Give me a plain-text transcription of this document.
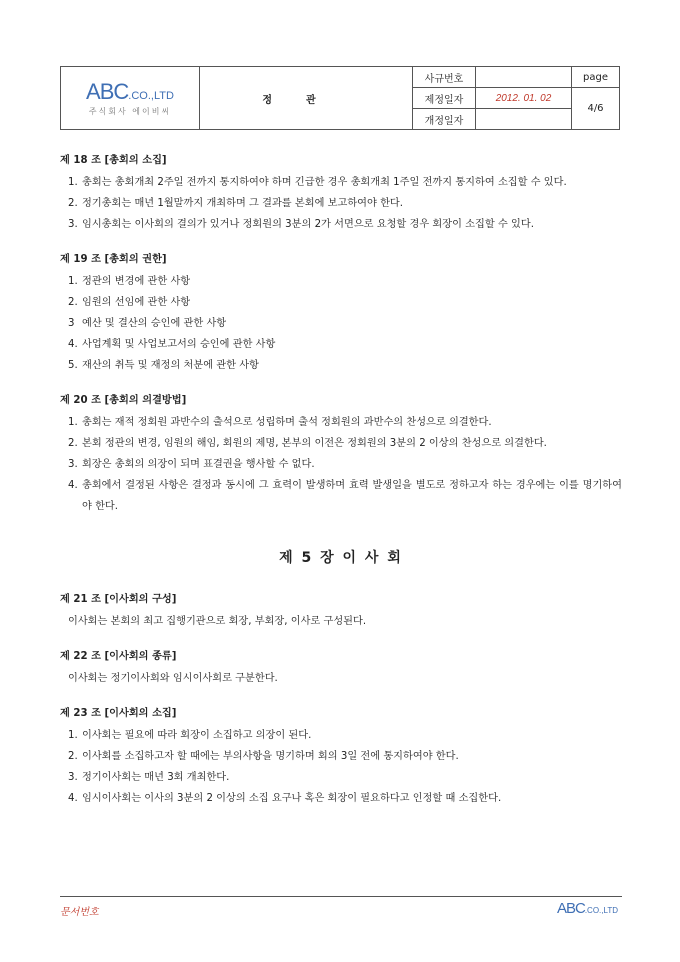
ABC.CO.,LTD
주식회사 에이비씨	정관	사규번호		page
		제정일자	2012. 01. 02	4/6
		개정일자		
제 18 조 [총회의 소집]
1. 총회는 총회개최 2주일 전까지 통지하여야 하며 긴급한 경우 총회개최 1주일 전까지 통지하여 소집할 수 있다.
2. 정기총회는 매년 1월말까지 개최하며 그 결과를 본회에 보고하여야 한다.
3. 임시총회는 이사회의 결의가 있거나 정회원의 3분의 2가 서면으로 요청할 경우 회장이 소집할 수 있다.
제 19 조 [총회의 권한]
1. 정관의 변경에 관한 사항
2. 임원의 선임에 관한 사항
3 예산 및 결산의 승인에 관한 사항
4. 사업계획 및 사업보고서의 승인에 관한 사항
5. 재산의 취득 및 재정의 처분에 관한 사항
제 20 조 [총회의 의결방법]
1. 총회는 재적 정회원 과반수의 출석으로 성립하며 출석 정회원의 과반수의 찬성으로 의결한다.
2. 본회 정관의 변경, 임원의 해임, 회원의 제명, 본부의 이전은 정회원의 3분의 2 이상의 찬성으로 의결한다.
3. 회장은 총회의 의장이 되며 표결권을 행사할 수 없다.
4. 총회에서 결정된 사항은 결정과 동시에 그 효력이 발생하며 효력 발생일을 별도로 정하고자 하는 경우에는 이를 명기하여야 한다.
제 5 장 이 사 회
제 21 조 [이사회의 구성]
이사회는 본회의 최고 집행기관으로 회장, 부회장, 이사로 구성된다.
제 22 조 [이사회의 종류]
이사회는 정기이사회와 임시이사회로 구분한다.
제 23 조 [이사회의 소집]
1. 이사회는 필요에 따라 회장이 소집하고 의장이 된다.
2. 이사회를 소집하고자 할 때에는 부의사항을 명기하며 회의 3일 전에 통지하여야 한다.
3. 정기이사회는 매년 3회 개최한다.
4. 임시이사회는 이사의 3분의 2 이상의 소집 요구나 혹은 회장이 필요하다고 인정할 때 소집한다.
문서번호	ABC.CO.,LTD
